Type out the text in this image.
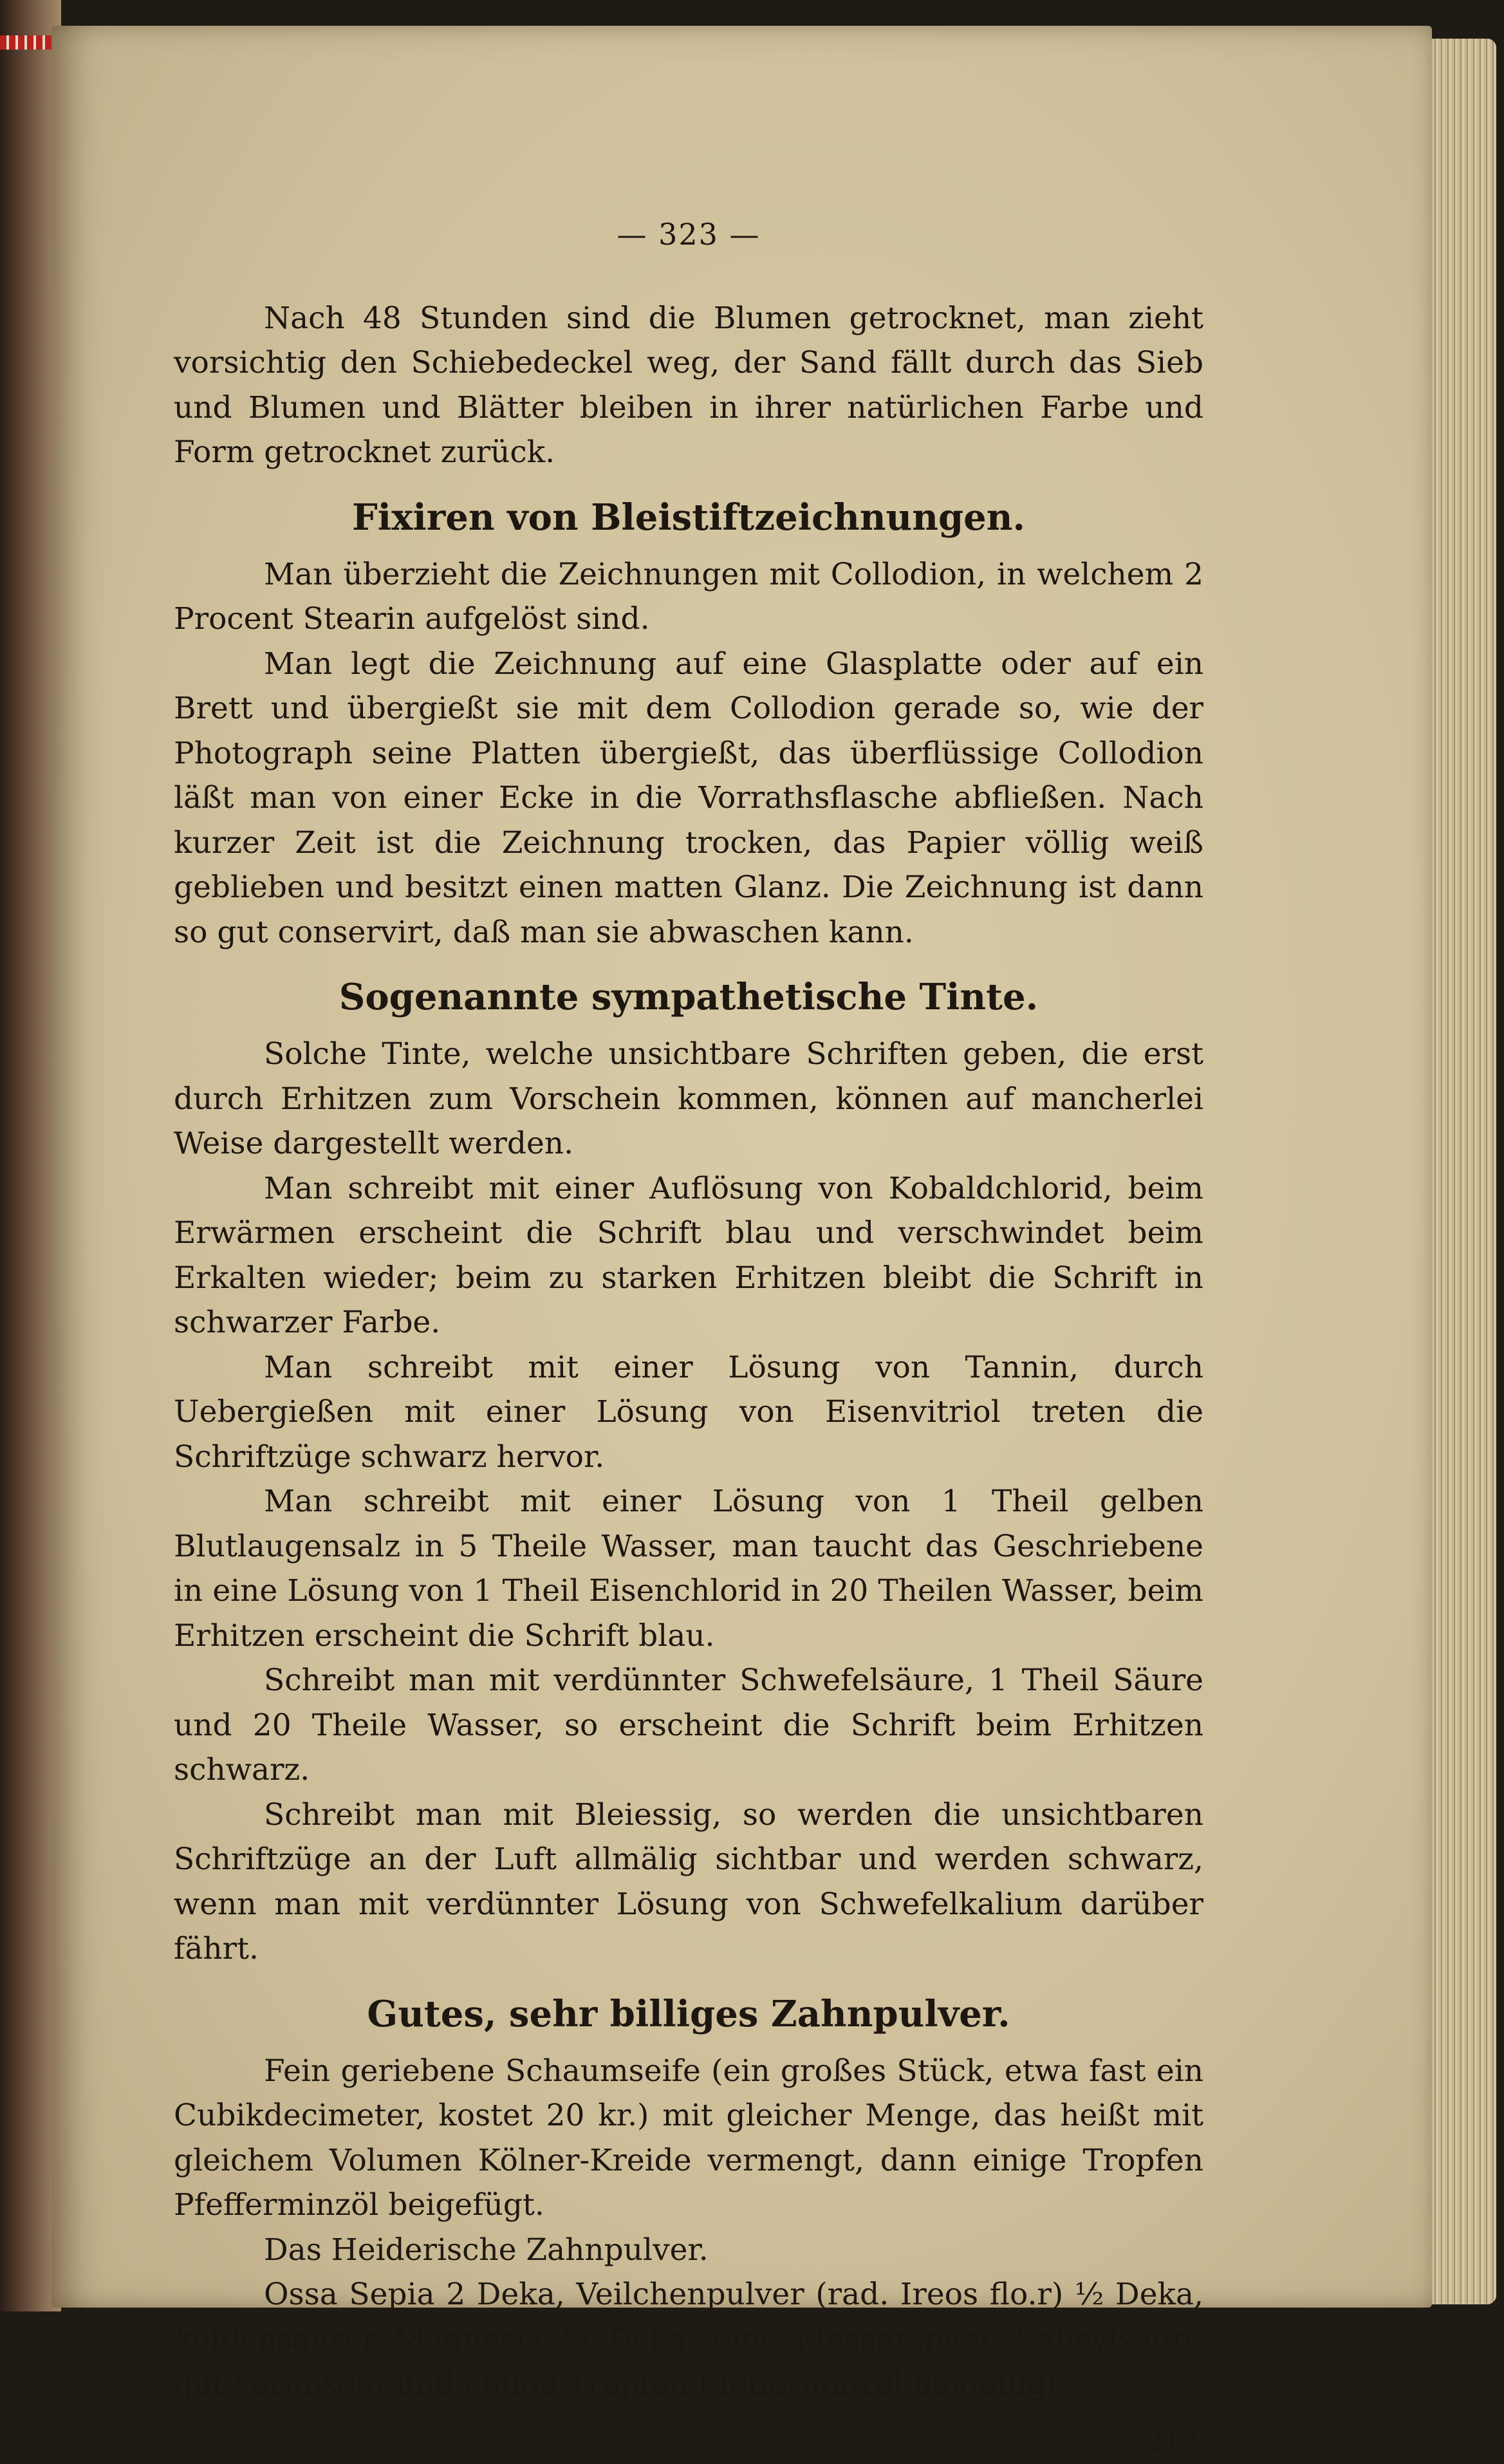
— 323 —

Nach 48 Stunden sind die Blumen getrocknet, man zieht vorsichtig den Schiebedeckel weg, der Sand fällt durch das Sieb und Blumen und Blätter bleiben in ihrer natürlichen Farbe und Form getrocknet zurück.

Fixiren von Bleistiftzeichnungen.

Man überzieht die Zeichnungen mit Collodion, in welchem 2 Procent Stearin aufgelöst sind.

Man legt die Zeichnung auf eine Glasplatte oder auf ein Brett und übergießt sie mit dem Collodion gerade so, wie der Photograph seine Platten übergießt, das überflüssige Collodion läßt man von einer Ecke in die Vorrathsflasche abfließen. Nach kurzer Zeit ist die Zeichnung trocken, das Papier völlig weiß geblieben und besitzt einen matten Glanz. Die Zeichnung ist dann so gut conservirt, daß man sie abwaschen kann.

Sogenannte sympathetische Tinte.

Solche Tinte, welche unsichtbare Schriften geben, die erst durch Erhitzen zum Vorschein kommen, können auf mancherlei Weise dargestellt werden.

Man schreibt mit einer Auflösung von Kobaldchlorid, beim Erwärmen erscheint die Schrift blau und verschwindet beim Erkalten wieder; beim zu starken Erhitzen bleibt die Schrift in schwarzer Farbe.

Man schreibt mit einer Lösung von Tannin, durch Uebergießen mit einer Lösung von Eisenvitriol treten die Schriftzüge schwarz hervor.

Man schreibt mit einer Lösung von 1 Theil gelben Blutlaugensalz in 5 Theile Wasser, man taucht das Geschriebene in eine Lösung von 1 Theil Eisenchlorid in 20 Theilen Wasser, beim Erhitzen erscheint die Schrift blau.

Schreibt man mit verdünnter Schwefelsäure, 1 Theil Säure und 20 Theile Wasser, so erscheint die Schrift beim Erhitzen schwarz.

Schreibt man mit Bleiessig, so werden die unsichtbaren Schriftzüge an der Luft allmälig sichtbar und werden schwarz, wenn man mit verdünnter Lösung von Schwefelkalium darüber fährt.

Gutes, sehr billiges Zahnpulver.

Fein geriebene Schaumseife (ein großes Stück, etwa fast ein Cubikdecimeter, kostet 20 kr.) mit gleicher Menge, das heißt mit gleichem Volumen Kölner-Kreide vermengt, dann einige Tropfen Pfefferminzöl beigefügt.

Das Heiderische Zahnpulver.

Ossa Sepia 2 Deka, Veilchenpulver (rad. Ireos flo.r) ½ Deka, kohlensaurer Magnesia ½ Deka, eine Messerspitze Salicylsäure gut vermischt und einige Tropfen Pfefferminzöl beigefügt.

21*
